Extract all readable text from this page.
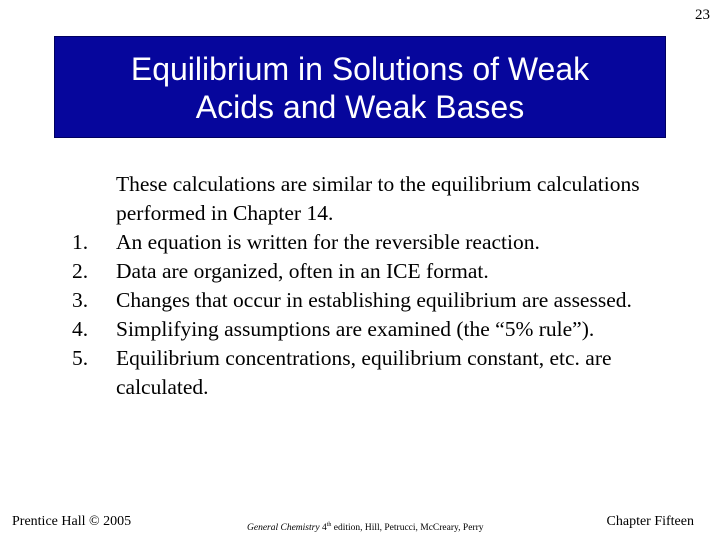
23
Equilibrium in Solutions of Weak
Acids and Weak Bases
These calculations are similar to the equilibrium calculations performed in Chapter 14.
1. An equation is written for the reversible reaction.
2. Data are organized, often in an ICE format.
3. Changes that occur in establishing equilibrium are assessed.
4. Simplifying assumptions are examined (the “5% rule”).
5. Equilibrium concentrations, equilibrium constant, etc. are calculated.
Prentice Hall © 2005	General Chemistry 4th edition, Hill, Petrucci, McCreary, Perry	Chapter Fifteen
